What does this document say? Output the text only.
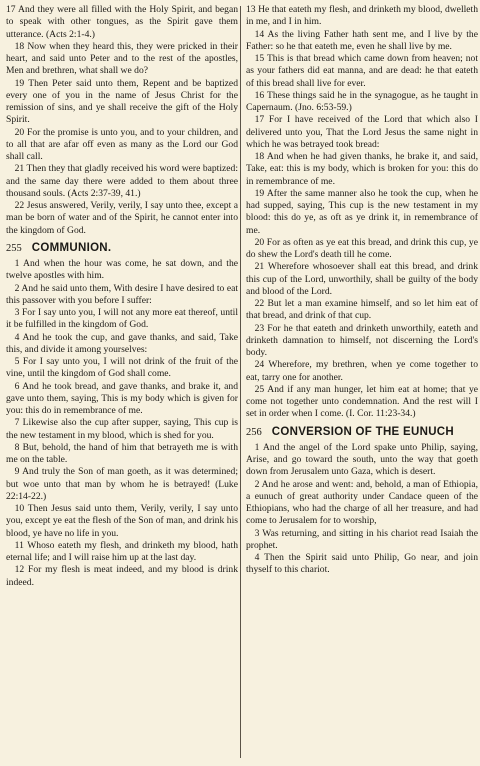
17 And they were all filled with the Holy Spirit, and began to speak with other tongues, as the Spirit gave them utterance. (Acts 2:1-4.)

18 Now when they heard this, they were pricked in their heart, and said unto Peter and to the rest of the apostles, Men and brethren, what shall we do?

19 Then Peter said unto them, Repent and be baptized every one of you in the name of Jesus Christ for the remission of sins, and ye shall receive the gift of the Holy Spirit.

20 For the promise is unto you, and to your children, and to all that are afar off even as many as the Lord our God shall call.

21 Then they that gladly received his word were baptized: and the same day there were added to them about three thousand souls. (Acts 2:37-39, 41.)

22 Jesus answered, Verily, verily, I say unto thee, except a man be born of water and of the Spirit, he cannot enter into the kingdom of God.

255 COMMUNION.

1 And when the hour was come, he sat down, and the twelve apostles with him.

2 And he said unto them, With desire I have desired to eat this passover with you before I suffer:

3 For I say unto you, I will not any more eat thereof, until it be fulfilled in the kingdom of God.

4 And he took the cup, and gave thanks, and said, Take this, and divide it among yourselves:

5 For I say unto you, I will not drink of the fruit of the vine, until the kingdom of God shall come.

6 And he took bread, and gave thanks, and brake it, and gave unto them, saying, This is my body which is given for you: this do in remembrance of me.

7 Likewise also the cup after supper, saying, This cup is the new testament in my blood, which is shed for you.

8 But, behold, the hand of him that betrayeth me is with me on the table.

9 And truly the Son of man goeth, as it was determined; but woe unto that man by whom he is betrayed! (Luke 22:14-22.)

10 Then Jesus said unto them, Verily, verily, I say unto you, except ye eat the flesh of the Son of man, and drink his blood, ye have no life in you.

11 Whoso eateth my flesh, and drinketh my blood, hath eternal life; and I will raise him up at the last day.

12 For my flesh is meat indeed, and my blood is drink indeed.

13 He that eateth my flesh, and drinketh my blood, dwelleth in me, and I in him.

14 As the living Father hath sent me, and I live by the Father: so he that eateth me, even he shall live by me.

15 This is that bread which came down from heaven; not as your fathers did eat manna, and are dead: he that eateth of this bread shall live for ever.

16 These things said he in the synagogue, as he taught in Capernaum. (Jno. 6:53-59.)

17 For I have received of the Lord that which also I delivered unto you, That the Lord Jesus the same night in which he was betrayed took bread:

18 And when he had given thanks, he brake it, and said, Take, eat: this is my body, which is broken for you: this do in remembrance of me.

19 After the same manner also he took the cup, when he had supped, saying, This cup is the new testament in my blood: this do ye, as oft as ye drink it, in remembrance of me.

20 For as often as ye eat this bread, and drink this cup, ye do shew the Lord's death till he come.

21 Wherefore whosoever shall eat this bread, and drink this cup of the Lord, unworthily, shall be guilty of the body and blood of the Lord.

22 But let a man examine himself, and so let him eat of that bread, and drink of that cup.

23 For he that eateth and drinketh unworthily, eateth and drinketh damnation to himself, not discerning the Lord's body.

24 Wherefore, my brethren, when ye come together to eat, tarry one for another.

25 And if any man hunger, let him eat at home; that ye come not together unto condemnation. And the rest will I set in order when I come. (I. Cor. 11:23-34.)

256 CONVERSION OF THE EUNUCH

1 And the angel of the Lord spake unto Philip, saying, Arise, and go toward the south, unto the way that goeth down from Jerusalem unto Gaza, which is desert.

2 And he arose and went: and, behold, a man of Ethiopia, a eunuch of great authority under Candace queen of the Ethiopians, who had the charge of all her treasure, and had come to Jerusalem for to worship,

3 Was returning, and sitting in his chariot read Isaiah the prophet.

4 Then the Spirit said unto Philip, Go near, and join thyself to this chariot.
